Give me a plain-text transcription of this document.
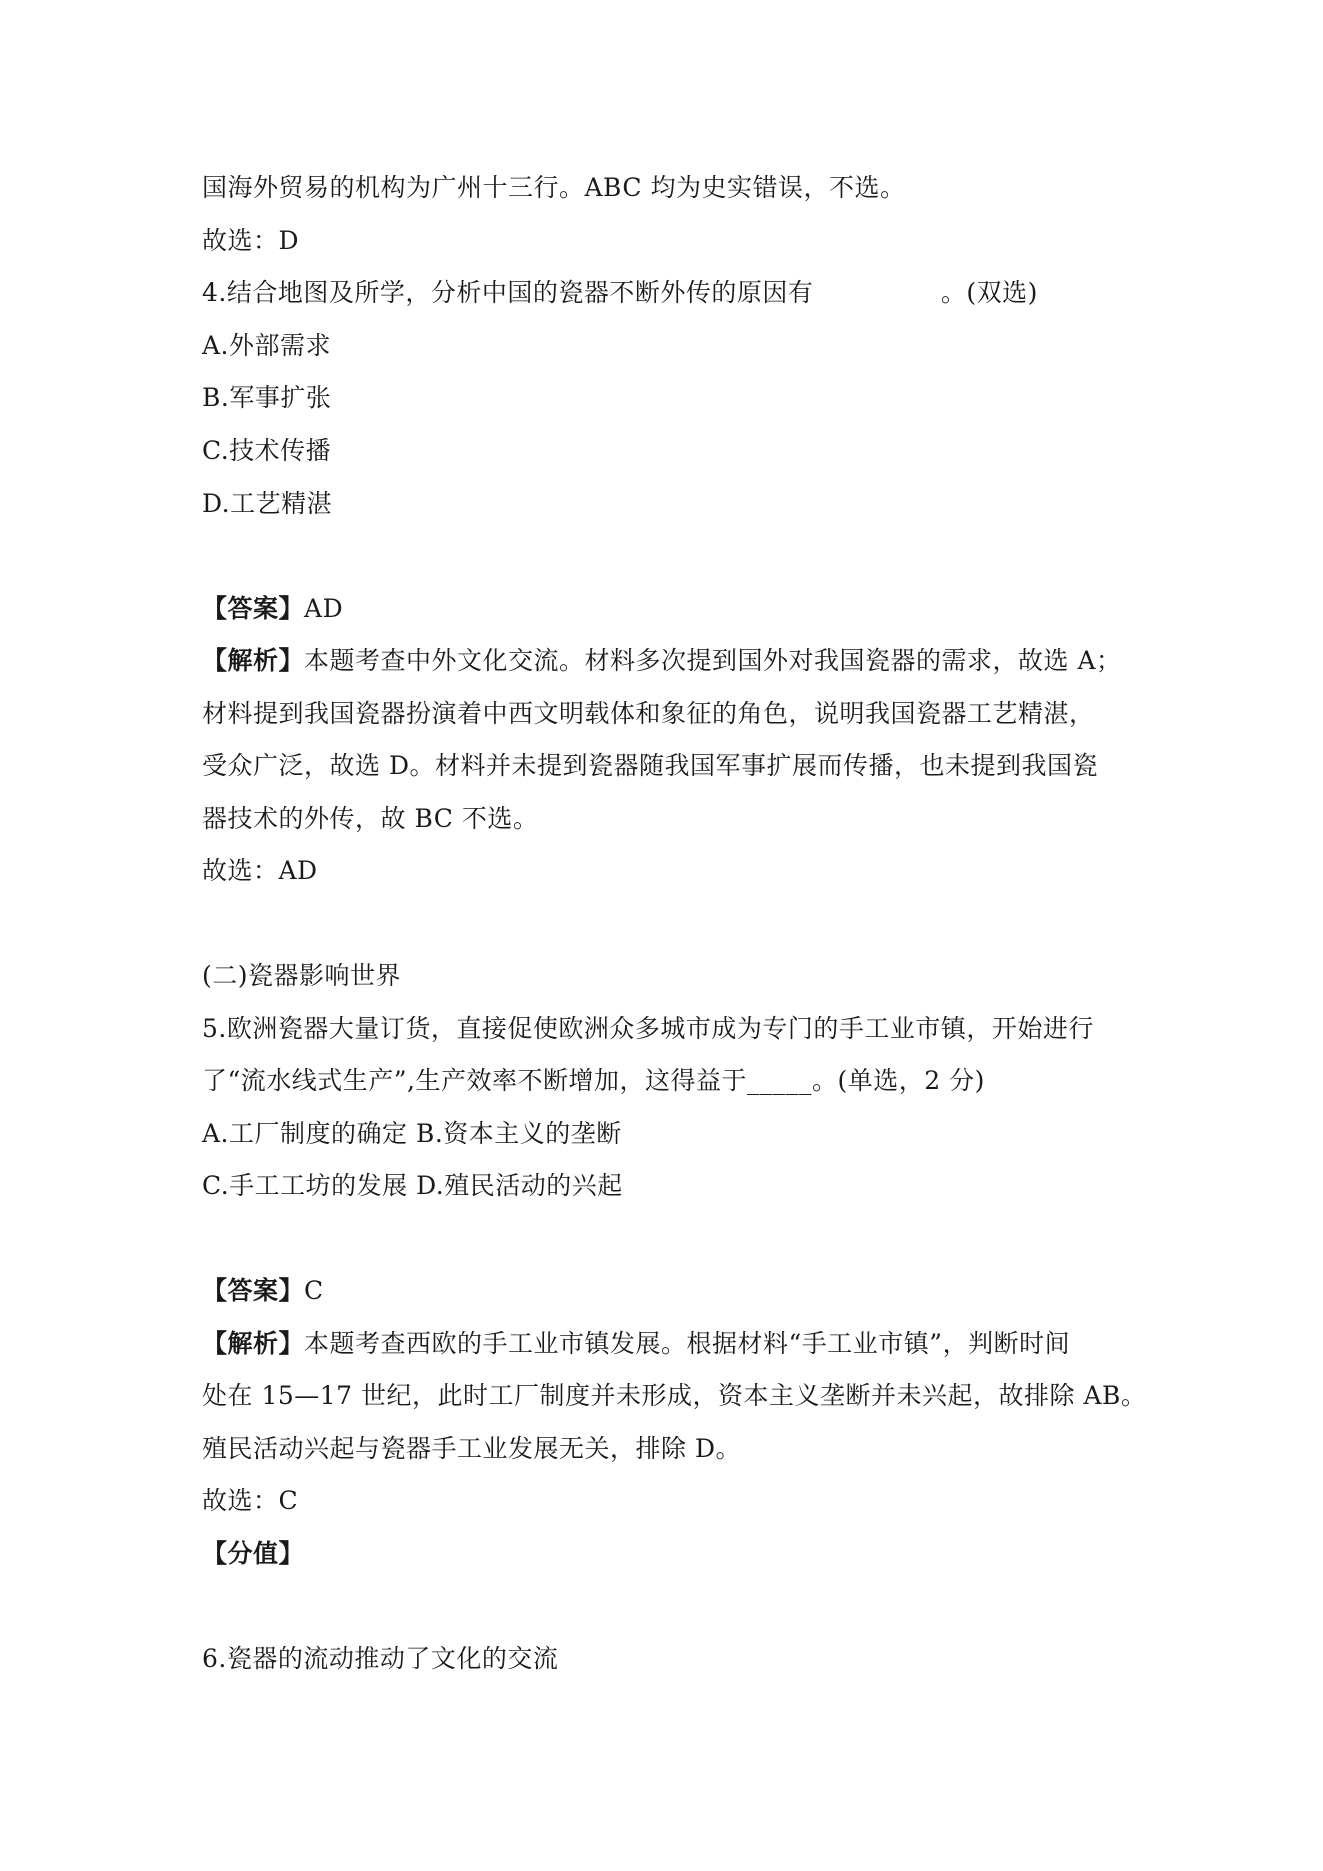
国海外贸易的机构为广州十三行。ABC 均为史实错误，不选。
故选：D
4.结合地图及所学，分析中国的瓷器不断外传的原因有　　　　　。(双选)
A.外部需求
B.军事扩张
C.技术传播
D.工艺精湛
【答案】AD
【解析】本题考查中外文化交流。材料多次提到国外对我国瓷器的需求，故选 A；
材料提到我国瓷器扮演着中西文明载体和象征的角色，说明我国瓷器工艺精湛，
受众广泛，故选 D。材料并未提到瓷器随我国军事扩展而传播，也未提到我国瓷
器技术的外传，故 BC 不选。
故选：AD
(二)瓷器影响世界
5.欧洲瓷器大量订货，直接促使欧洲众多城市成为专门的手工业市镇，开始进行
了“流水线式生产”,生产效率不断增加，这得益于_____。(单选，2 分)
A.工厂制度的确定 B.资本主义的垄断
C.手工工坊的发展 D.殖民活动的兴起
【答案】C
【解析】本题考查西欧的手工业市镇发展。根据材料“手工业市镇”，判断时间
处在 15—17 世纪，此时工厂制度并未形成，资本主义垄断并未兴起，故排除 AB。
殖民活动兴起与瓷器手工业发展无关，排除 D。
故选：C
【分值】
6.瓷器的流动推动了文化的交流
